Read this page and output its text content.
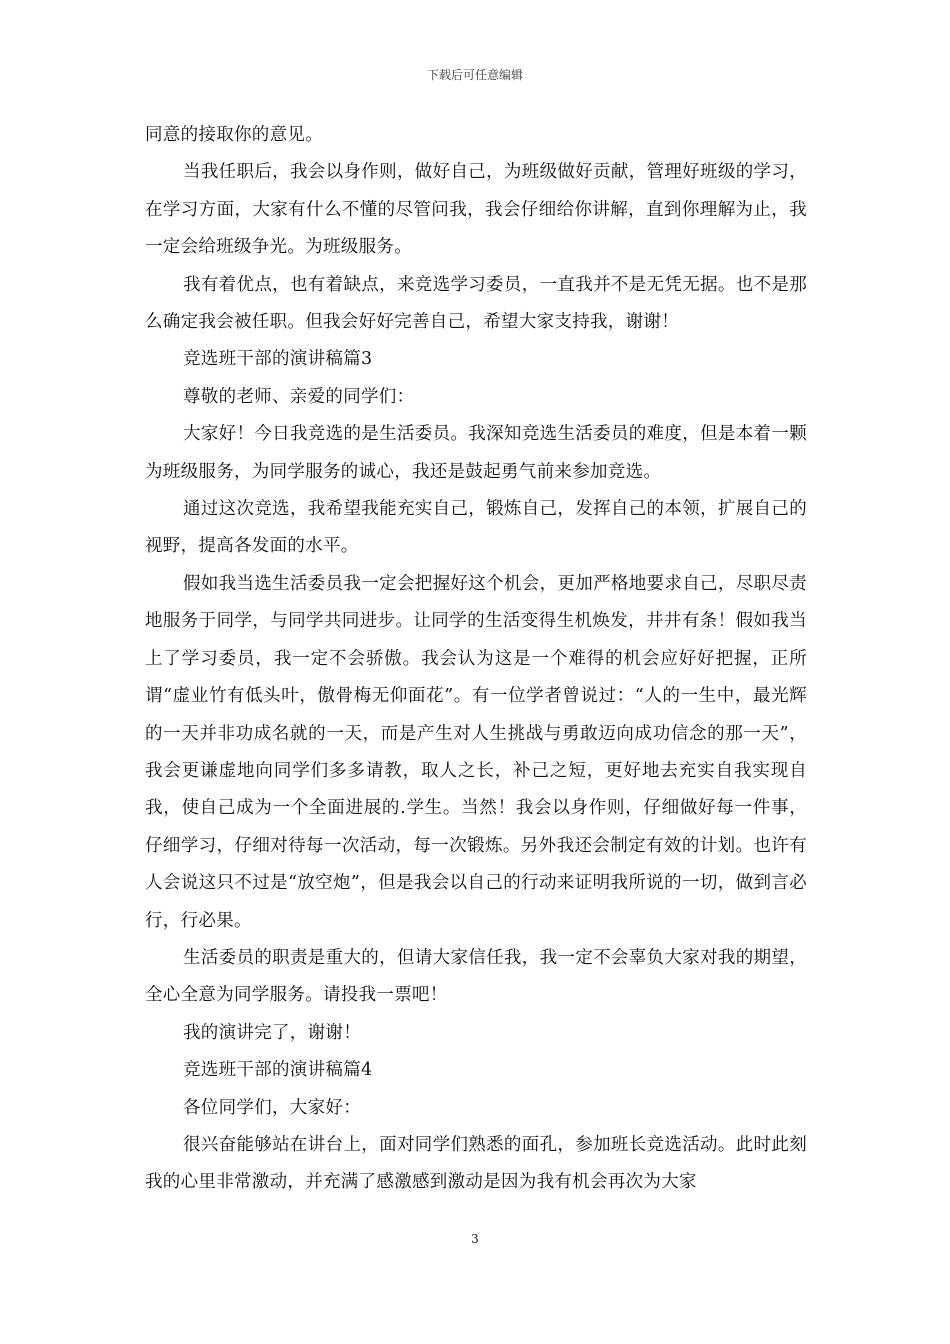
下载后可任意编辑

同意的接取你的意见。

当我任职后，我会以身作则，做好自己，为班级做好贡献，管理好班级的学习，在学习方面，大家有什么不懂的尽管问我，我会仔细给你讲解，直到你理解为止，我一定会给班级争光。为班级服务。

我有着优点，也有着缺点，来竞选学习委员，一直我并不是无凭无据。也不是那么确定我会被任职。但我会好好完善自己，希望大家支持我，谢谢！

竞选班干部的演讲稿篇3

尊敬的老师、亲爱的同学们：

大家好！今日我竞选的是生活委员。我深知竞选生活委员的难度，但是本着一颗为班级服务，为同学服务的诚心，我还是鼓起勇气前来参加竞选。

通过这次竞选，我希望我能充实自己，锻炼自己，发挥自己的本领，扩展自己的视野，提高各发面的水平。

假如我当选生活委员我一定会把握好这个机会，更加严格地要求自己，尽职尽责地服务于同学，与同学共同进步。让同学的生活变得生机焕发，井井有条！假如我当上了学习委员，我一定不会骄傲。我会认为这是一个难得的机会应好好把握，正所谓“虚业竹有低头叶，傲骨梅无仰面花”。有一位学者曾说过：“人的一生中，最光辉的一天并非功成名就的一天，而是产生对人生挑战与勇敢迈向成功信念的那一天”，我会更谦虚地向同学们多多请教，取人之长，补己之短，更好地去充实自我实现自我，使自己成为一个全面进展的.学生。当然！我会以身作则，仔细做好每一件事，仔细学习，仔细对待每一次活动，每一次锻炼。另外我还会制定有效的计划。也许有人会说这只不过是“放空炮”，但是我会以自己的行动来证明我所说的一切，做到言必行，行必果。

生活委员的职责是重大的，但请大家信任我，我一定不会辜负大家对我的期望，全心全意为同学服务。请投我一票吧！

我的演讲完了，谢谢！

竞选班干部的演讲稿篇4

各位同学们，大家好：

很兴奋能够站在讲台上，面对同学们熟悉的面孔，参加班长竞选活动。此时此刻我的心里非常激动，并充满了感激感到激动是因为我有机会再次为大家

3
